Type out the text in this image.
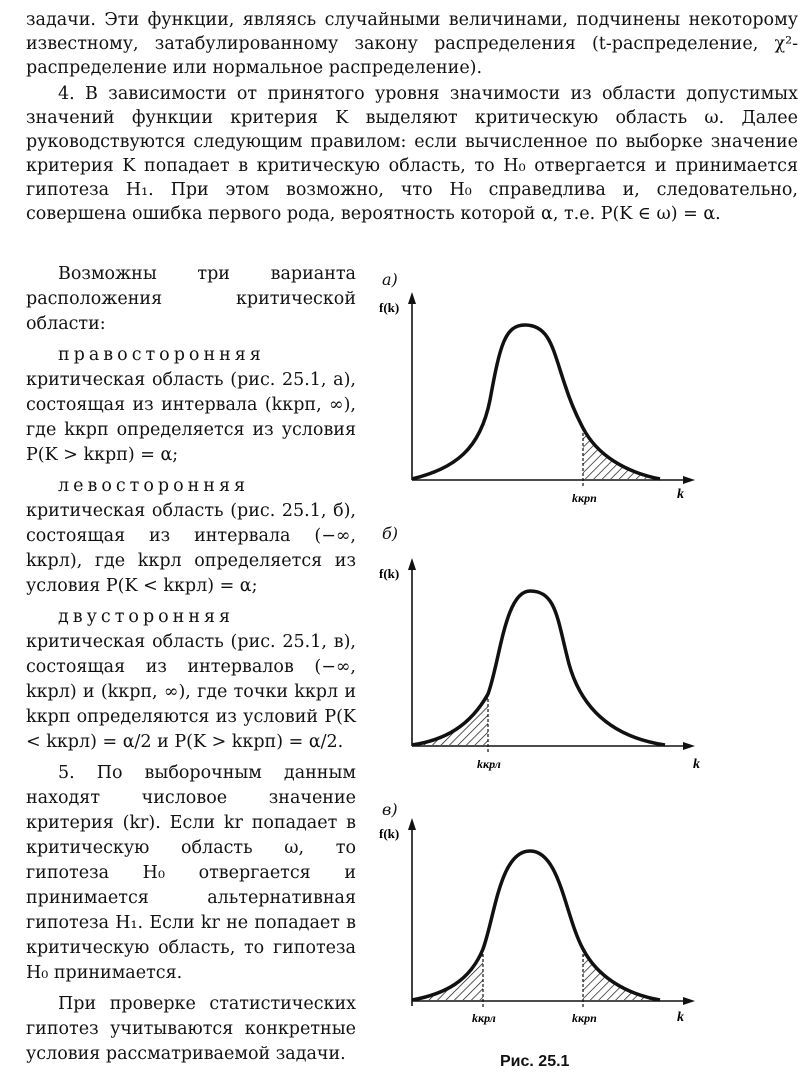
задачи. Эти функции, являясь случайными величинами, подчинены некоторому известному, затабулированному закону распределения (t-распределение, χ²-распределение или нормальное распределение).

4. В зависимости от принятого уровня значимости из области допустимых значений функции критерия K выделяют критическую область ω. Далее руководствуются следующим правилом: если вычисленное по выборке значение критерия K попадает в критическую область, то H₀ отвергается и принимается гипотеза H₁. При этом возможно, что H₀ справедлива и, следовательно, совершена ошибка первого рода, вероятность которой α, т.е. P(K ∈ ω) = α.

Возможны три варианта расположения критической области:

правосторонняя критическая область (рис. 25.1, а), состоящая из интервала (kкрп, ∞), где kкрп определяется из условия P(K > kкрп) = α;

левосторонняя критическая область (рис. 25.1, б), состоящая из интервала (−∞, kкрл), где kкрл определяется из условия P(K < kкрл) = α;

двусторонняя критическая область (рис. 25.1, в), состоящая из интервалов (−∞, kкрл) и (kкрп, ∞), где точки kкрл и kкрп определяются из условий P(K < kкрл) = α/2 и P(K > kкрп) = α/2.

5. По выборочным данным находят числовое значение критерия (kr). Если kr попадает в критическую область ω, то гипотеза H₀ отвергается и принимается альтернативная гипотеза H₁. Если kr не попадает в критическую область, то гипотеза H₀ принимается.

При проверке статистических гипотез учитываются конкретные условия рассматриваемой задачи.

а)
f(k)
k
kкрп
б)
f(k)
k
kкрл
в)
f(k)
k
kкрл	kкрп
Рис. 25.1
